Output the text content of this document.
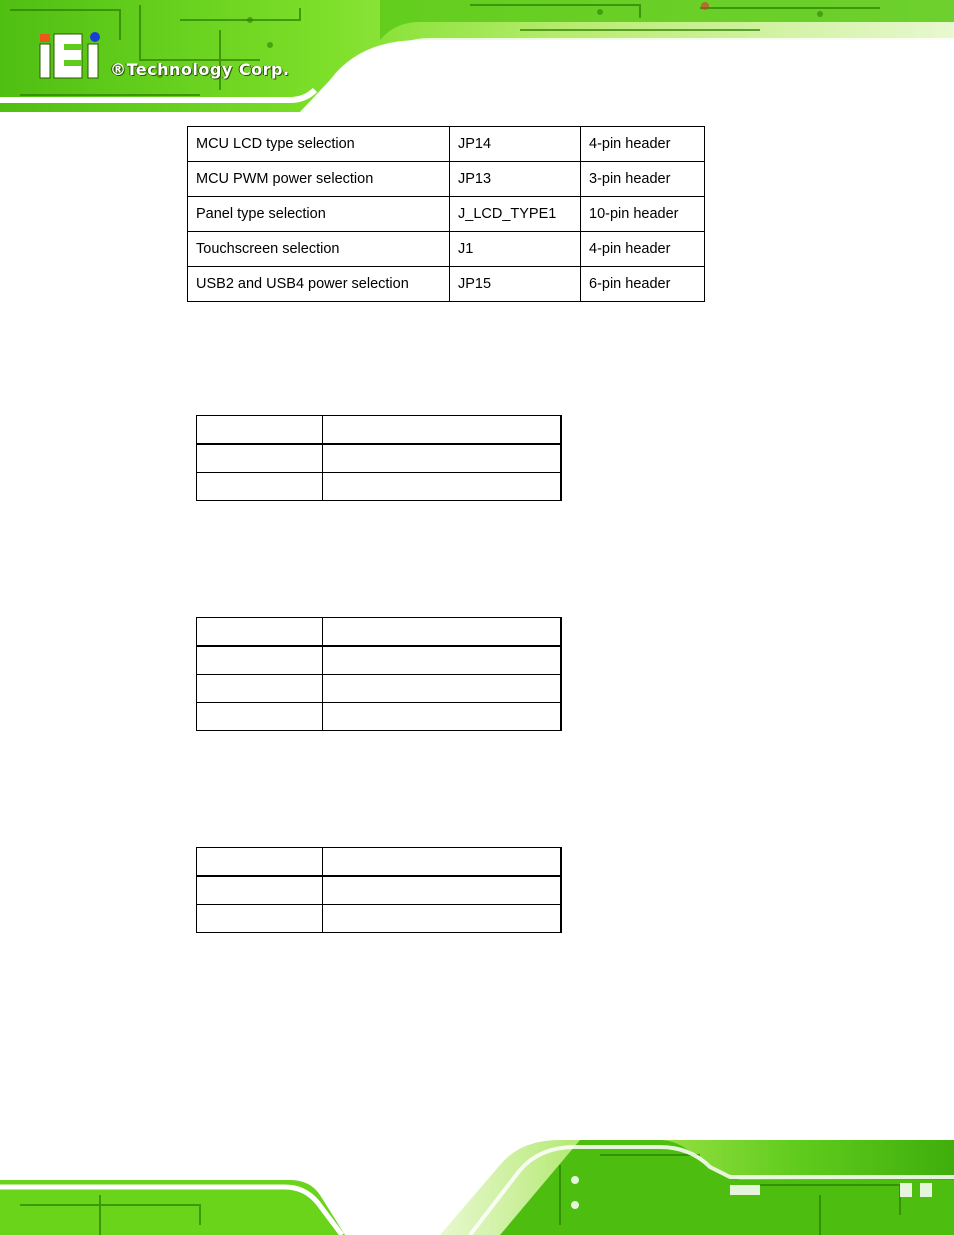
®Technology Corp.
MCU LCD type selection	JP14	4-pin header
MCU PWM power selection	JP13	3-pin header
Panel type selection	J_LCD_TYPE1	10-pin header
Touchscreen selection	J1	4-pin header
USB2 and USB4 power selection	JP15	6-pin header
